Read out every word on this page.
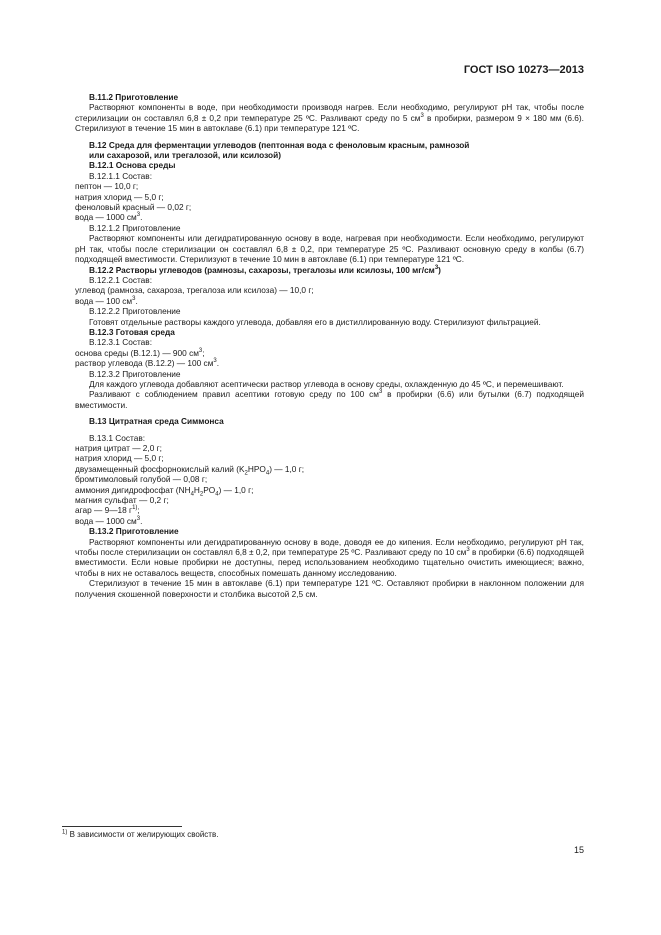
ГОСТ ISO 10273—2013

В.11.2 Приготовление

Растворяют компоненты в воде, при необходимости производя нагрев. Если необходимо, регулируют pH так, чтобы после стерилизации он составлял 6,8 ± 0,2 при температуре 25 ºC. Разливают среду по 5 $см^3$ в пробирки, размером 9 × 180 мм (6.6). Стерилизуют в течение 15 мин в автоклаве (6.1) при температуре 121 ºC.

В.12 Среда для ферментации углеводов (пептонная вода с феноловым красным, рамнозой
или сахарозой, или трегалозой, или ксилозой)

В.12.1 Основа среды

В.12.1.1 Состав:

пептон — 10,0 г;

натрия хлорид — 5,0 г;

феноловый красный — 0,02 г;

вода — 1000 $см^3$.

В.12.1.2 Приготовление

Растворяют компоненты или дегидратированную основу в воде, нагревая при необходимости. Если необходимо, регулируют pH так, чтобы после стерилизации он составлял 6,8 ± 0,2, при температуре 25 ºC. Разливают основную среду в колбы (6.7) подходящей вместимости. Стерилизуют в течение 10 мин в автоклаве (6.1) при температуре 121 ºC.

В.12.2 Растворы углеводов (рамнозы, сахарозы, трегалозы или ксилозы, 100 $мг/см^3$)

В.12.2.1 Состав:

углевод (рамноза, сахароза, трегалоза или ксилоза) — 10,0 г;

вода — 100 $см^3$.

В.12.2.2 Приготовление

Готовят отдельные растворы каждого углевода, добавляя его в дистиллированную воду. Стерилизуют фильтрацией.

В.12.3 Готовая среда

В.12.3.1 Состав:

основа среды (В.12.1) — 900 $см^3$;

раствор углевода (В.12.2) — 100 $см^3$.

В.12.3.2 Приготовление

Для каждого углевода добавляют асептически раствор углевода в основу среды, охлажденную до 45 ºC, и перемешивают.

Разливают с соблюдением правил асептики готовую среду по 100 $см^3$ в пробирки (6.6) или бутылки (6.7) подходящей вместимости.

В.13 Цитратная среда Симмонса

В.13.1 Состав:

натрия цитрат — 2,0 г;

натрия хлорид — 5,0 г;

двузамещенный фосфорнокислый калий $(K_2HPO_4)$ — 1,0 г;

бромтимоловый голубой — 0,08 г;

аммония дигидрофосфат $(NH_4H_2PO_4)$ — 1,0 г;

магния сульфат — 0,2 г;

агар — 9—18 $г^{1)}$;

вода — 1000 $см^3$.

В.13.2 Приготовление

Растворяют компоненты или дегидратированную основу в воде, доводя ее до кипения. Если необходимо, регулируют pH так, чтобы после стерилизации он составлял 6,8 ± 0,2, при температуре 25 ºC. Разливают среду по 10 $см^3$ в пробирки (6.6) подходящей вместимости. Если новые пробирки не доступны, перед использованием необходимо тщательно очистить имеющиеся; важно, чтобы в них не оставалось веществ, способных помешать данному исследованию.

Стерилизуют в течение 15 мин в автоклаве (6.1) при температуре 121 ºC. Оставляют пробирки в наклонном положении для получения скошенной поверхности и столбика высотой 2,5 см.

$^{1)}$ В зависимости от желирующих свойств.
15
